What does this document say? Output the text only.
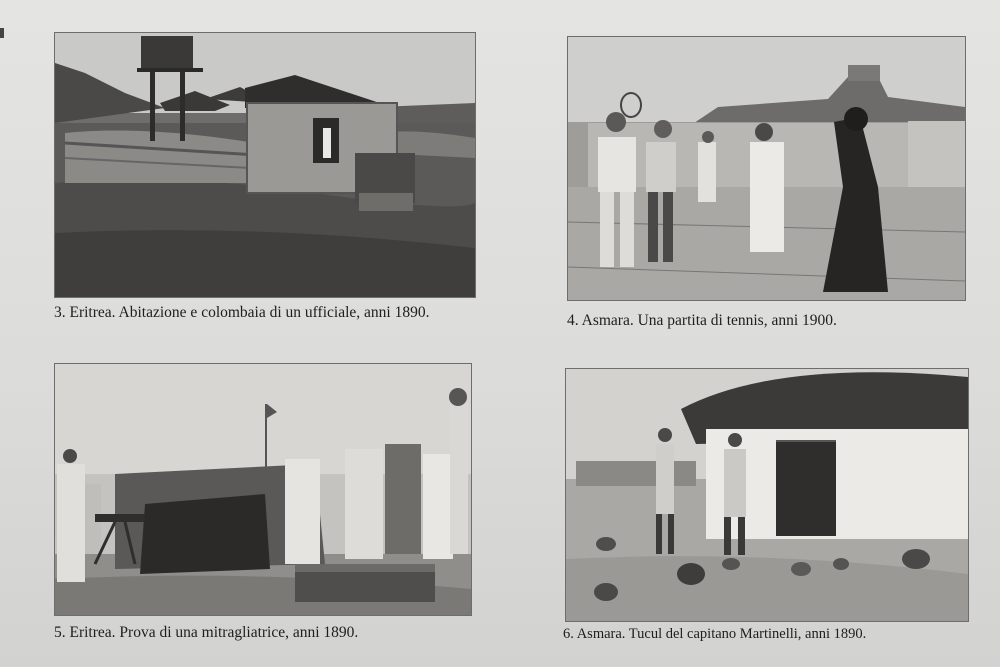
3. Eritrea. Abitazione e colombaia di un ufficiale, anni 1890.	4. Asmara. Una partita di tennis, anni 1900.
5. Eritrea. Prova di una mitragliatrice, anni 1890.	6. Asmara. Tucul del capitano Martinelli, anni 1890.
